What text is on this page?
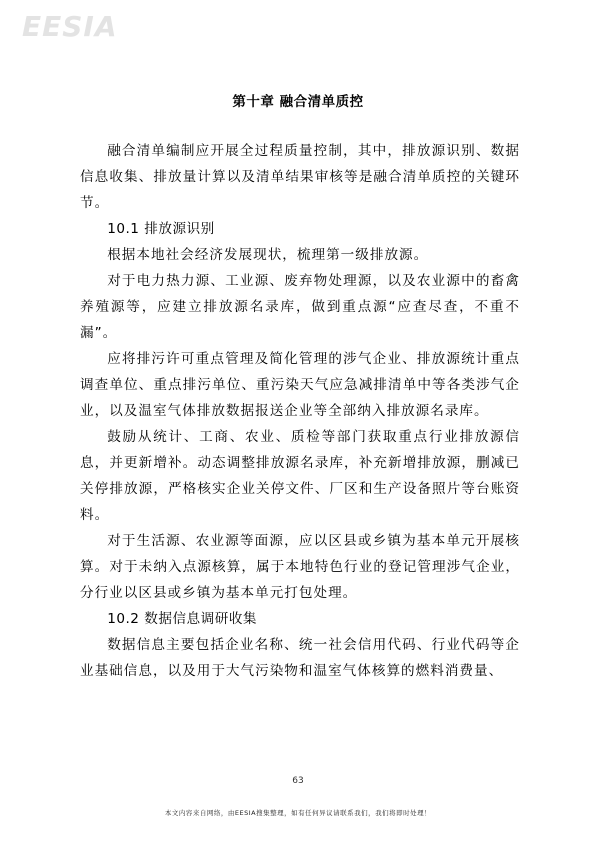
EESIA
第十章 融合清单质控

融合清单编制应开展全过程质量控制，其中，排放源识别、数据信息收集、排放量计算以及清单结果审核等是融合清单质控的关键环节。

10.1 排放源识别

根据本地社会经济发展现状，梳理第一级排放源。

对于电力热力源、工业源、废弃物处理源，以及农业源中的畜禽养殖源等，应建立排放源名录库，做到重点源“应查尽查，不重不漏”。

应将排污许可重点管理及简化管理的涉气企业、排放源统计重点调查单位、重点排污单位、重污染天气应急减排清单中等各类涉气企业，以及温室气体排放数据报送企业等全部纳入排放源名录库。

鼓励从统计、工商、农业、质检等部门获取重点行业排放源信息，并更新增补。动态调整排放源名录库，补充新增排放源，删减已关停排放源，严格核实企业关停文件、厂区和生产设备照片等台账资料。

对于生活源、农业源等面源，应以区县或乡镇为基本单元开展核算。对于未纳入点源核算，属于本地特色行业的登记管理涉气企业，分行业以区县或乡镇为基本单元打包处理。

10.2 数据信息调研收集

数据信息主要包括企业名称、统一社会信用代码、行业代码等企业基础信息，以及用于大气污染物和温室气体核算的燃料消费量、

63
本文内容来自网络，由EESIA搜集整理，如有任何异议请联系我们，我们将即时处理！
